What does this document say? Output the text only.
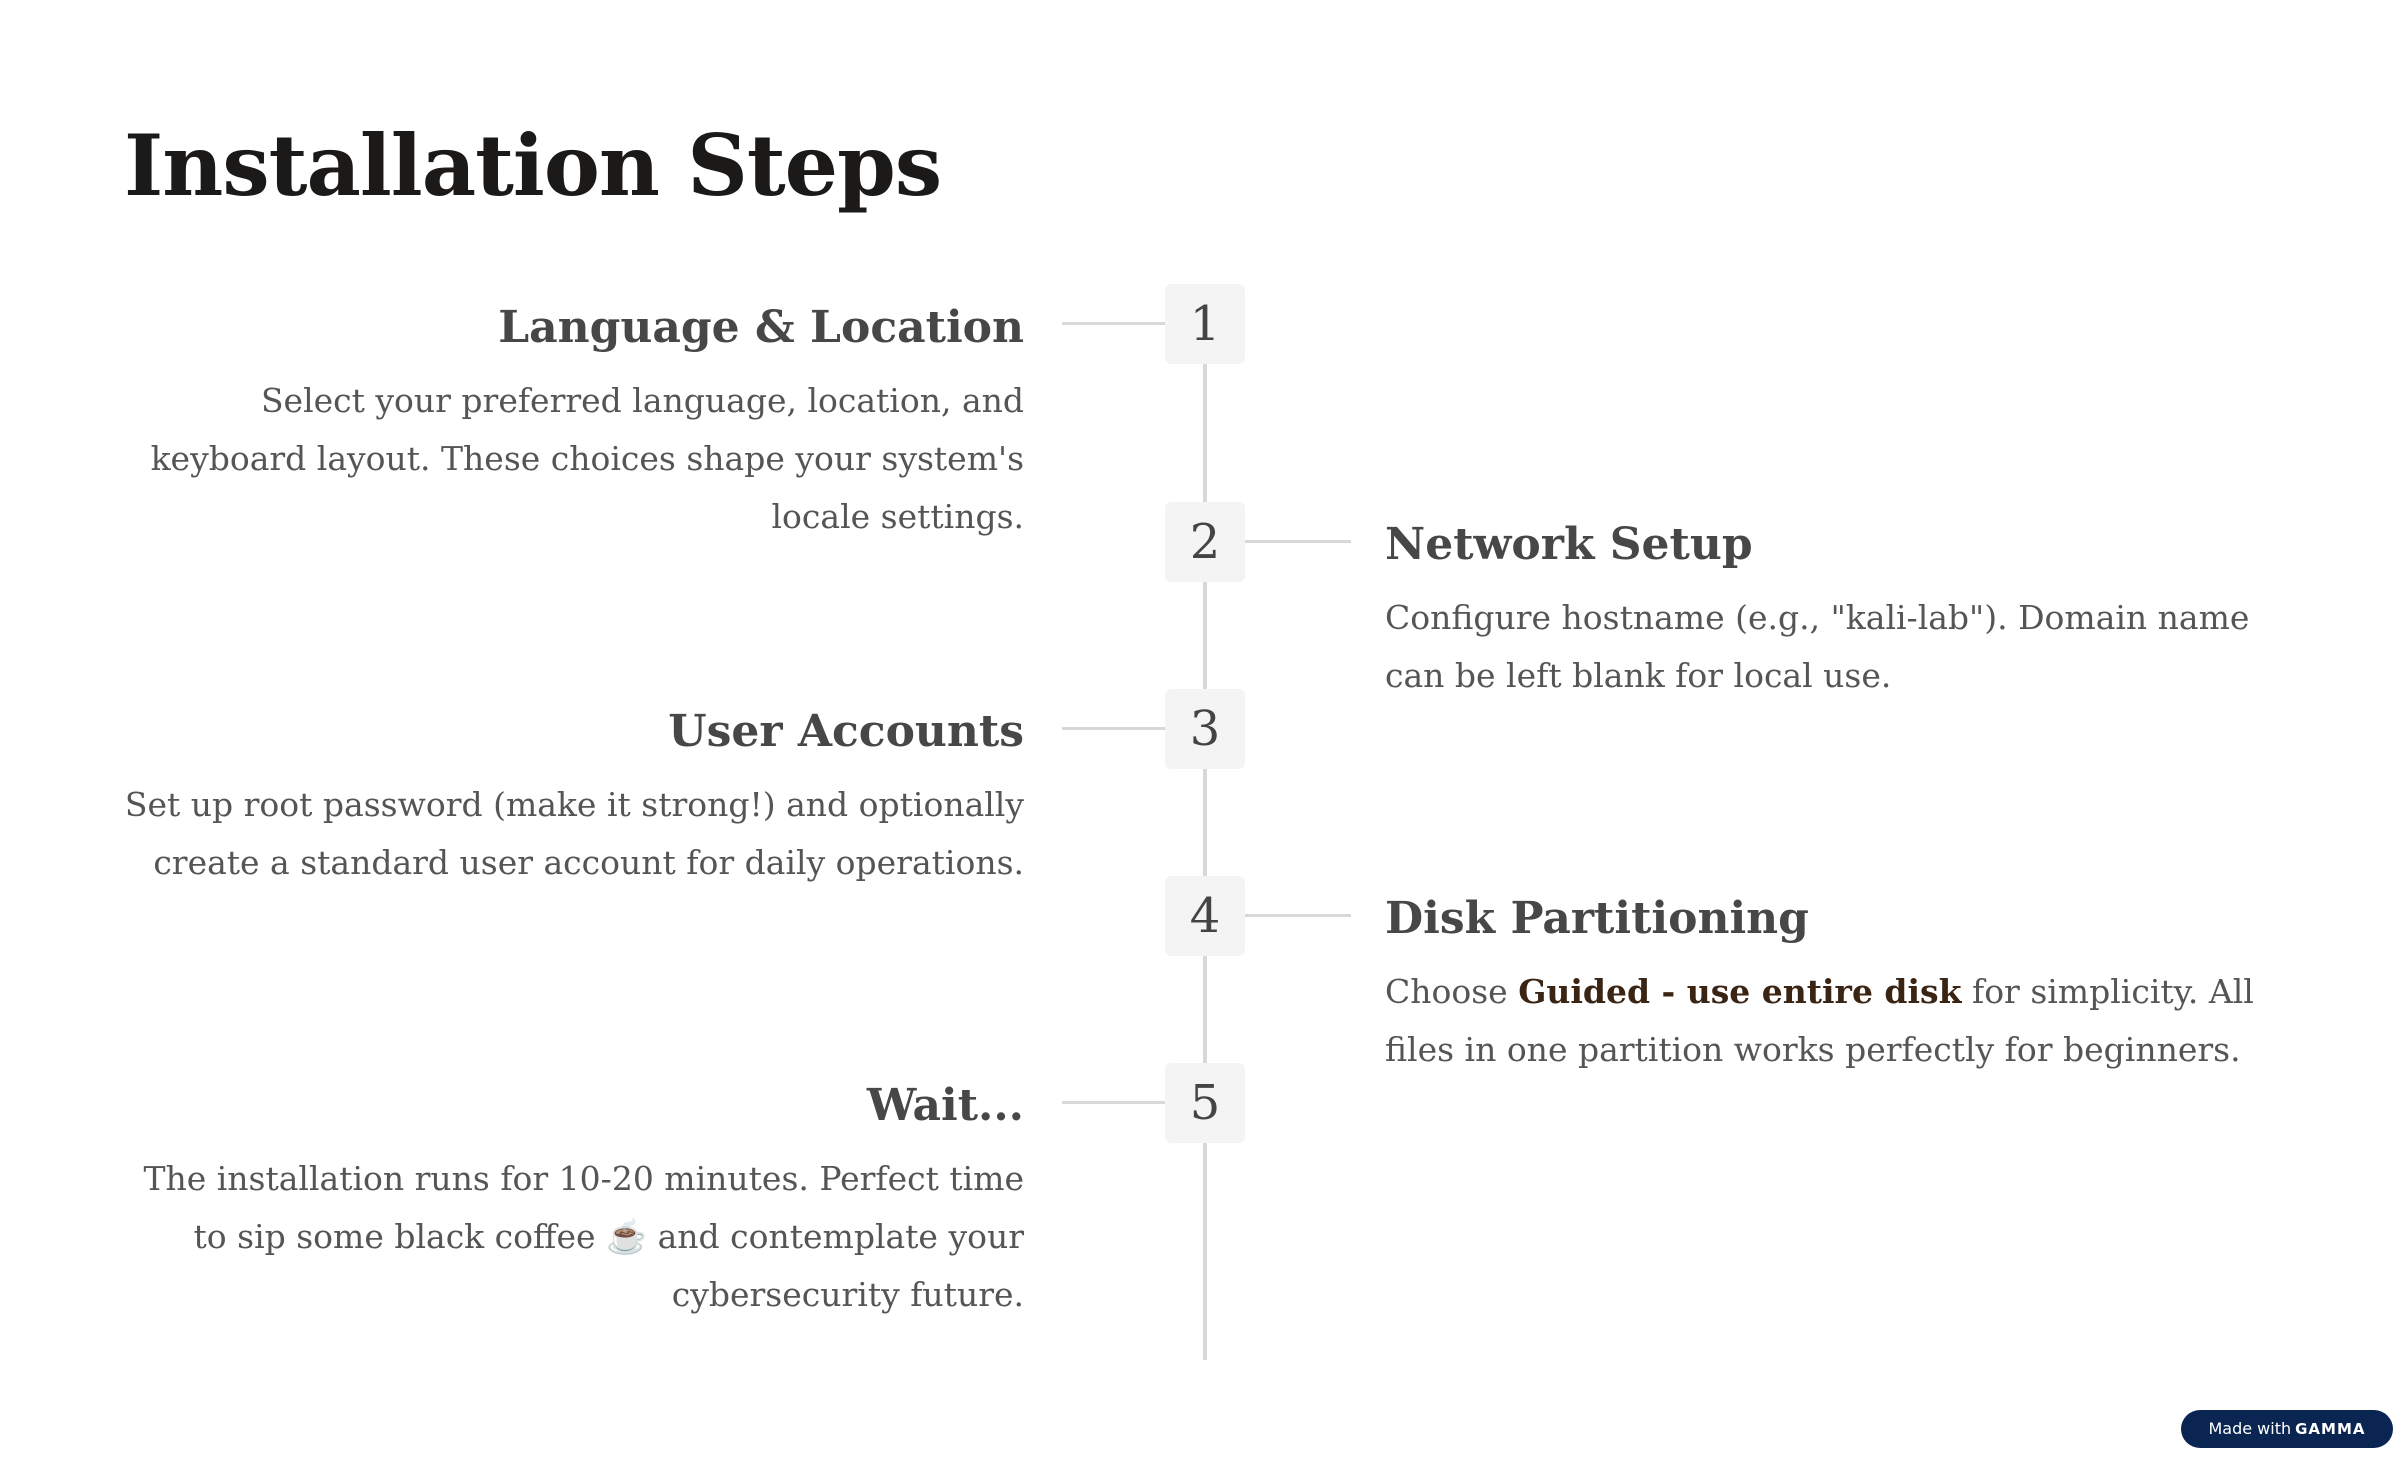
Installation Steps
1
Language & Location

Select your preferred language, location, and keyboard layout. These choices shape your system's locale settings.	2	Network Setup

Configure hostname (e.g., "kali-lab"). Domain name can be left blank for local use.

3
User Accounts

Set up root password (make it strong!) and optionally create a standard user account for daily operations.

4	Disk Partitioning

Choose Guided - use entire disk for simplicity. All files in one partition works perfectly for beginners.

5
Wait...

The installation runs for 10-20 minutes. Perfect time to sip some black coffee ☕ and contemplate your cybersecurity future.

Made with GAMMA
